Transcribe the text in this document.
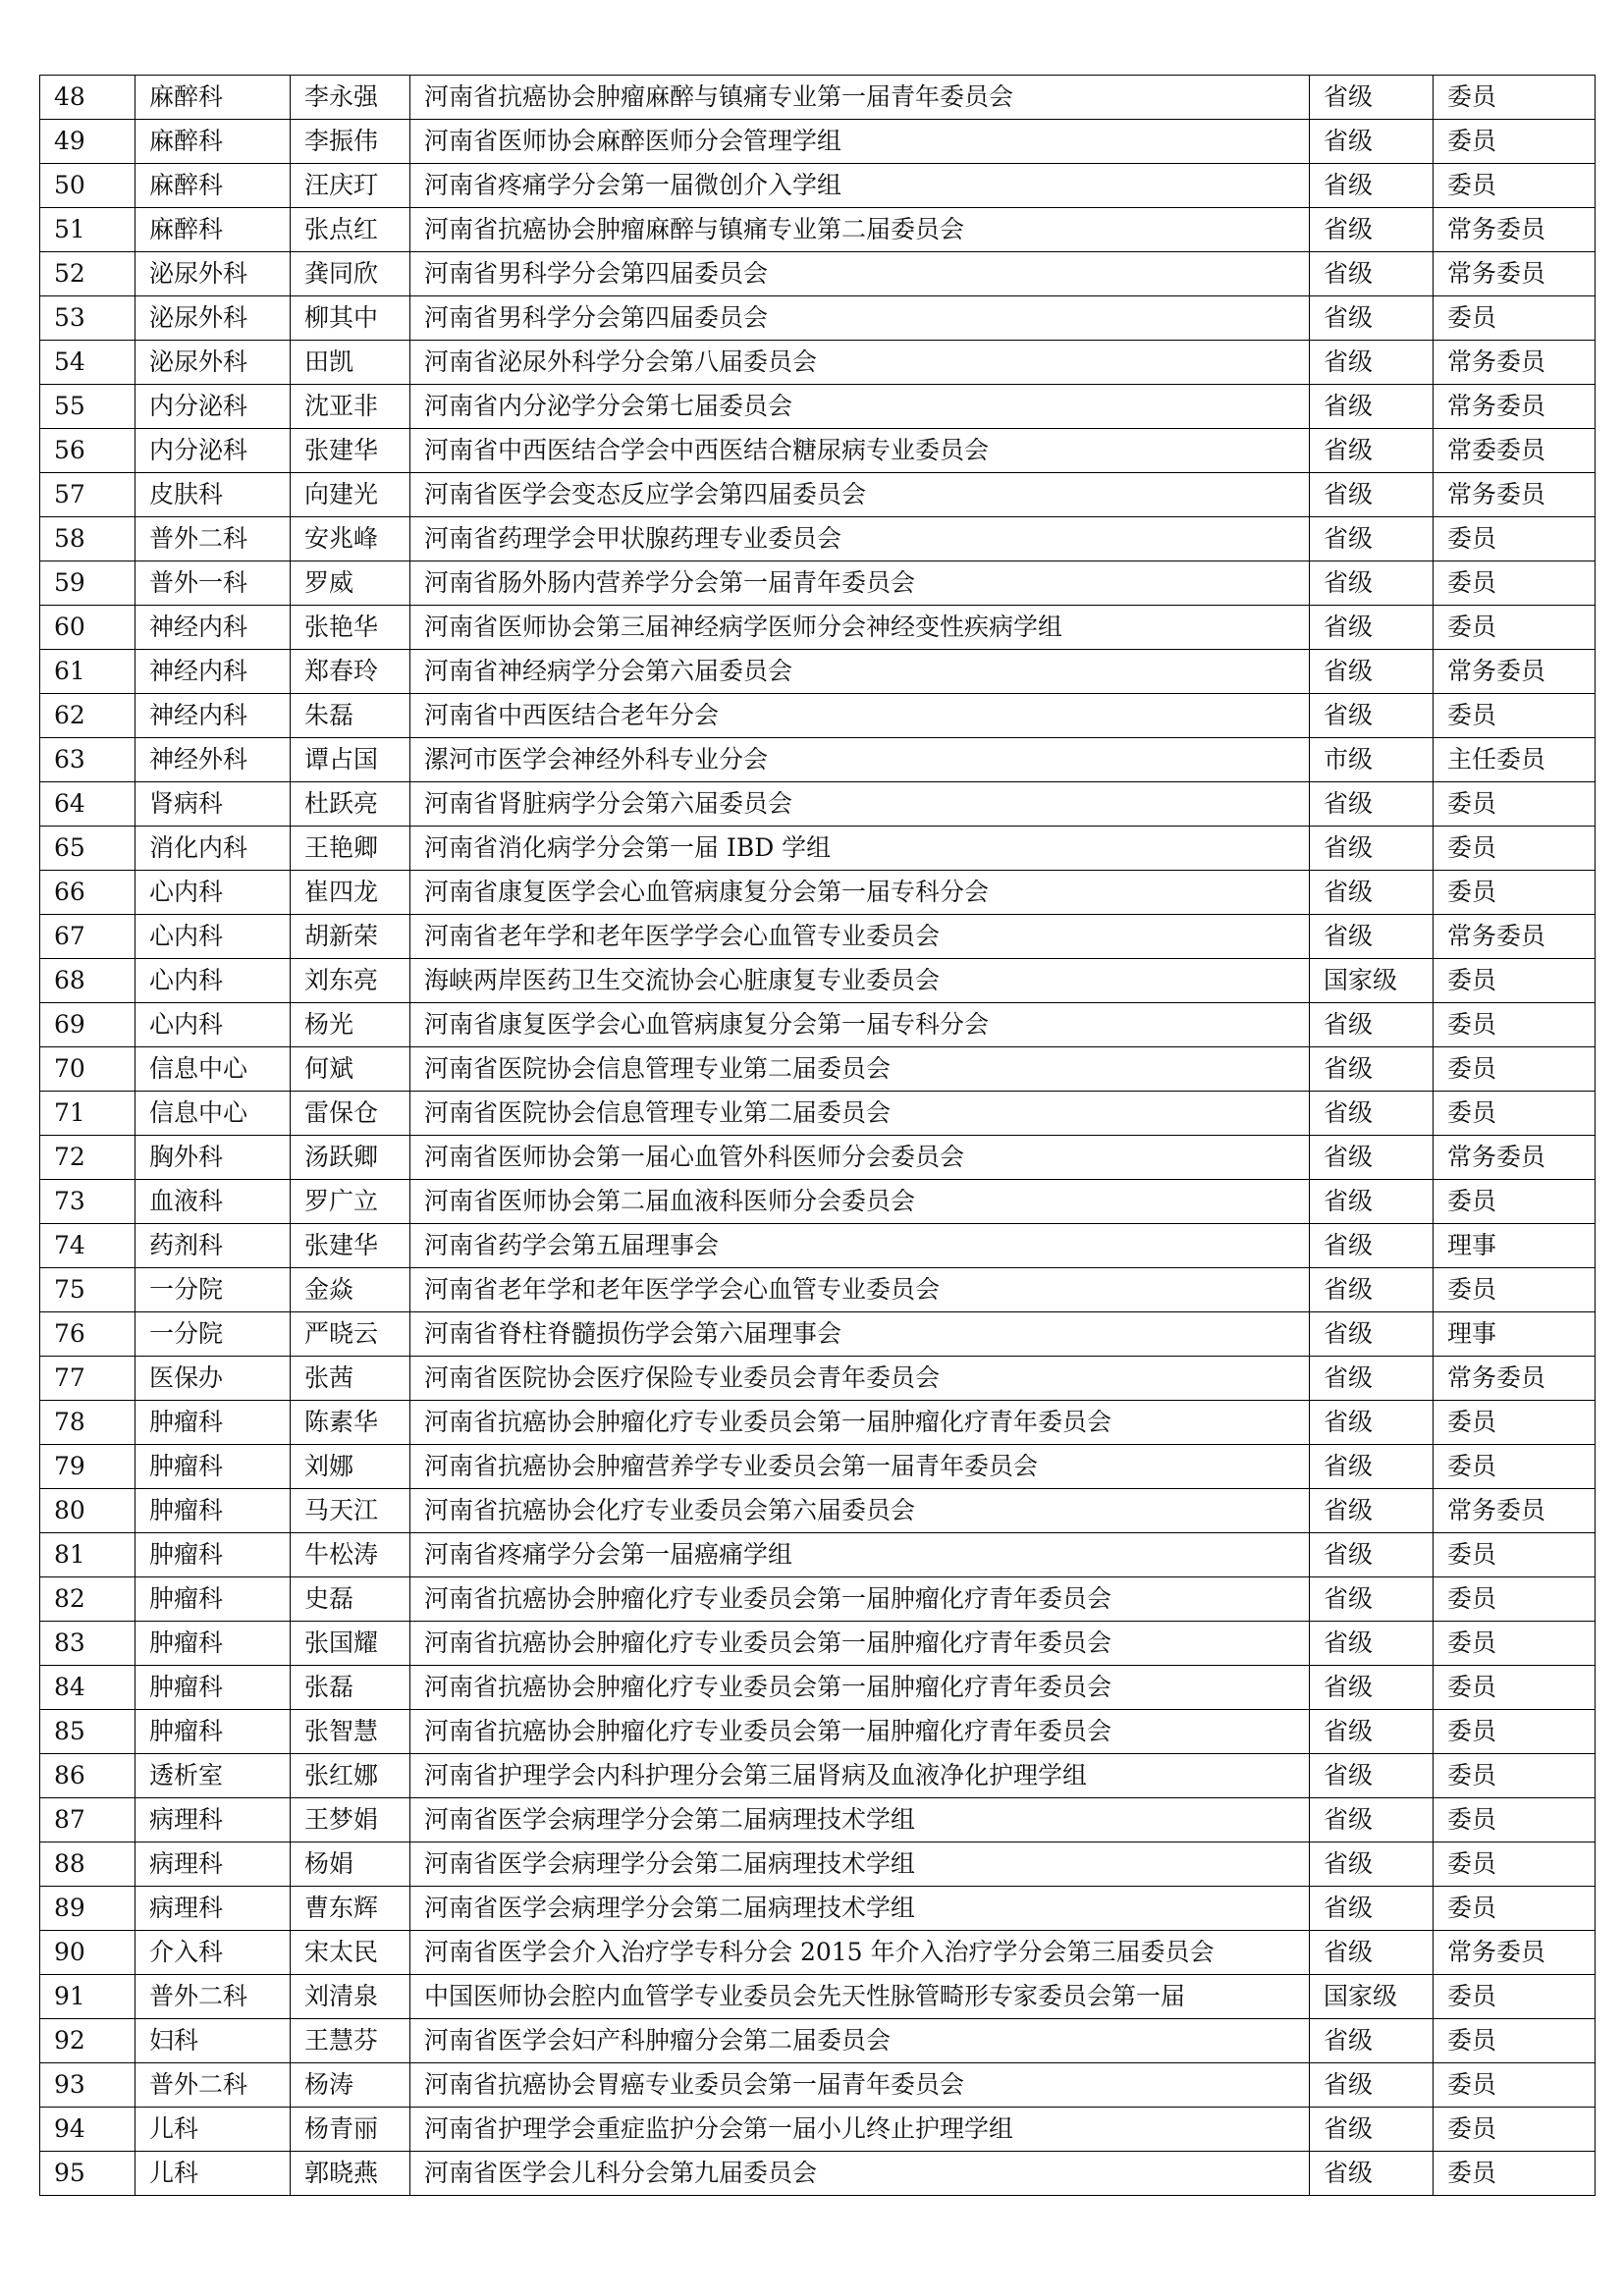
48	麻醉科	李永强	河南省抗癌协会肿瘤麻醉与镇痛专业第一届青年委员会	省级	委员
49	麻醉科	李振伟	河南省医师协会麻醉医师分会管理学组	省级	委员
50	麻醉科	汪庆玎	河南省疼痛学分会第一届微创介入学组	省级	委员
51	麻醉科	张点红	河南省抗癌协会肿瘤麻醉与镇痛专业第二届委员会	省级	常务委员
52	泌尿外科	龚同欣	河南省男科学分会第四届委员会	省级	常务委员
53	泌尿外科	柳其中	河南省男科学分会第四届委员会	省级	委员
54	泌尿外科	田凯	河南省泌尿外科学分会第八届委员会	省级	常务委员
55	内分泌科	沈亚非	河南省内分泌学分会第七届委员会	省级	常务委员
56	内分泌科	张建华	河南省中西医结合学会中西医结合糖尿病专业委员会	省级	常委委员
57	皮肤科	向建光	河南省医学会变态反应学会第四届委员会	省级	常务委员
58	普外二科	安兆峰	河南省药理学会甲状腺药理专业委员会	省级	委员
59	普外一科	罗威	河南省肠外肠内营养学分会第一届青年委员会	省级	委员
60	神经内科	张艳华	河南省医师协会第三届神经病学医师分会神经变性疾病学组	省级	委员
61	神经内科	郑春玲	河南省神经病学分会第六届委员会	省级	常务委员
62	神经内科	朱磊	河南省中西医结合老年分会	省级	委员
63	神经外科	谭占国	漯河市医学会神经外科专业分会	市级	主任委员
64	肾病科	杜跃亮	河南省肾脏病学分会第六届委员会	省级	委员
65	消化内科	王艳卿	河南省消化病学分会第一届 IBD 学组	省级	委员
66	心内科	崔四龙	河南省康复医学会心血管病康复分会第一届专科分会	省级	委员
67	心内科	胡新荣	河南省老年学和老年医学学会心血管专业委员会	省级	常务委员
68	心内科	刘东亮	海峡两岸医药卫生交流协会心脏康复专业委员会	国家级	委员
69	心内科	杨光	河南省康复医学会心血管病康复分会第一届专科分会	省级	委员
70	信息中心	何斌	河南省医院协会信息管理专业第二届委员会	省级	委员
71	信息中心	雷保仓	河南省医院协会信息管理专业第二届委员会	省级	委员
72	胸外科	汤跃卿	河南省医师协会第一届心血管外科医师分会委员会	省级	常务委员
73	血液科	罗广立	河南省医师协会第二届血液科医师分会委员会	省级	委员
74	药剂科	张建华	河南省药学会第五届理事会	省级	理事
75	一分院	金焱	河南省老年学和老年医学学会心血管专业委员会	省级	委员
76	一分院	严晓云	河南省脊柱脊髓损伤学会第六届理事会	省级	理事
77	医保办	张茜	河南省医院协会医疗保险专业委员会青年委员会	省级	常务委员
78	肿瘤科	陈素华	河南省抗癌协会肿瘤化疗专业委员会第一届肿瘤化疗青年委员会	省级	委员
79	肿瘤科	刘娜	河南省抗癌协会肿瘤营养学专业委员会第一届青年委员会	省级	委员
80	肿瘤科	马天江	河南省抗癌协会化疗专业委员会第六届委员会	省级	常务委员
81	肿瘤科	牛松涛	河南省疼痛学分会第一届癌痛学组	省级	委员
82	肿瘤科	史磊	河南省抗癌协会肿瘤化疗专业委员会第一届肿瘤化疗青年委员会	省级	委员
83	肿瘤科	张国耀	河南省抗癌协会肿瘤化疗专业委员会第一届肿瘤化疗青年委员会	省级	委员
84	肿瘤科	张磊	河南省抗癌协会肿瘤化疗专业委员会第一届肿瘤化疗青年委员会	省级	委员
85	肿瘤科	张智慧	河南省抗癌协会肿瘤化疗专业委员会第一届肿瘤化疗青年委员会	省级	委员
86	透析室	张红娜	河南省护理学会内科护理分会第三届肾病及血液净化护理学组	省级	委员
87	病理科	王梦娟	河南省医学会病理学分会第二届病理技术学组	省级	委员
88	病理科	杨娟	河南省医学会病理学分会第二届病理技术学组	省级	委员
89	病理科	曹东辉	河南省医学会病理学分会第二届病理技术学组	省级	委员
90	介入科	宋太民	河南省医学会介入治疗学专科分会 2015 年介入治疗学分会第三届委员会	省级	常务委员
91	普外二科	刘清泉	中国医师协会腔内血管学专业委员会先天性脉管畸形专家委员会第一届	国家级	委员
92	妇科	王慧芬	河南省医学会妇产科肿瘤分会第二届委员会	省级	委员
93	普外二科	杨涛	河南省抗癌协会胃癌专业委员会第一届青年委员会	省级	委员
94	儿科	杨青丽	河南省护理学会重症监护分会第一届小儿终止护理学组	省级	委员
95	儿科	郭晓燕	河南省医学会儿科分会第九届委员会	省级	委员
